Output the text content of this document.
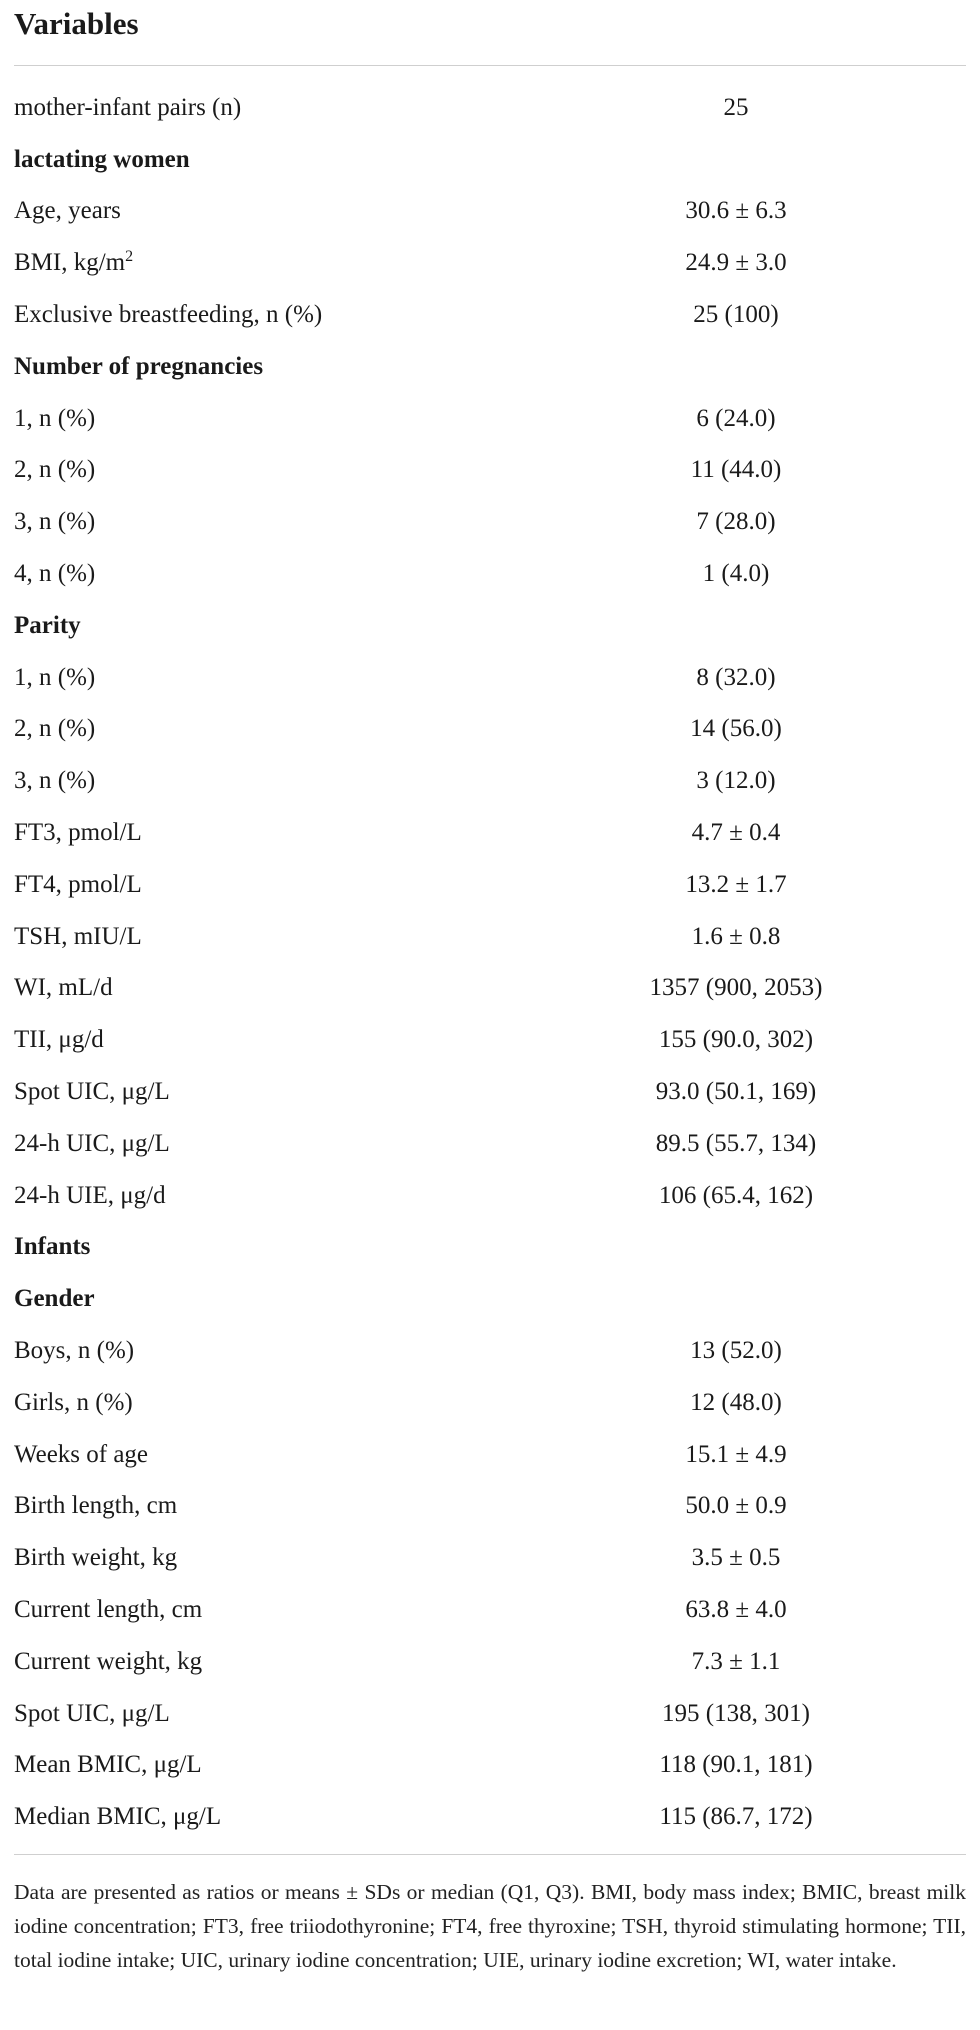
Variables
mother-infant pairs (n)	25
lactating women
Age, years	30.6 ± 6.3
BMI, $kg/m^2$	24.9 ± 3.0
Exclusive breastfeeding, n (%)	25 (100)
Number of pregnancies
1, n (%)	6 (24.0)
2, n (%)	11 (44.0)
3, n (%)	7 (28.0)
4, n (%)	1 (4.0)
Parity
1, n (%)	8 (32.0)
2, n (%)	14 (56.0)
3, n (%)	3 (12.0)
FT3, pmol/L	4.7 ± 0.4
FT4, pmol/L	13.2 ± 1.7
TSH, mIU/L	1.6 ± 0.8
WI, mL/d	1357 (900, 2053)
TII, μg/d	155 (90.0, 302)
Spot UIC, μg/L	93.0 (50.1, 169)
24-h UIC, μg/L	89.5 (55.7, 134)
24-h UIE, μg/d	106 (65.4, 162)
Infants
Gender
Boys, n (%)	13 (52.0)
Girls, n (%)	12 (48.0)
Weeks of age	15.1 ± 4.9
Birth length, cm	50.0 ± 0.9
Birth weight, kg	3.5 ± 0.5
Current length, cm	63.8 ± 4.0
Current weight, kg	7.3 ± 1.1
Spot UIC, μg/L	195 (138, 301)
Mean BMIC, μg/L	118 (90.1, 181)
Median BMIC, μg/L	115 (86.7, 172)
Data are presented as ratios or means ± SDs or median (Q1, Q3). BMI, body mass index; BMIC, breast milk iodine concentration; FT3, free triiodothyronine; FT4, free thyroxine; TSH, thyroid stimulating hormone; TII, total iodine intake; UIC, urinary iodine concentration; UIE, urinary iodine excretion; WI, water intake.
